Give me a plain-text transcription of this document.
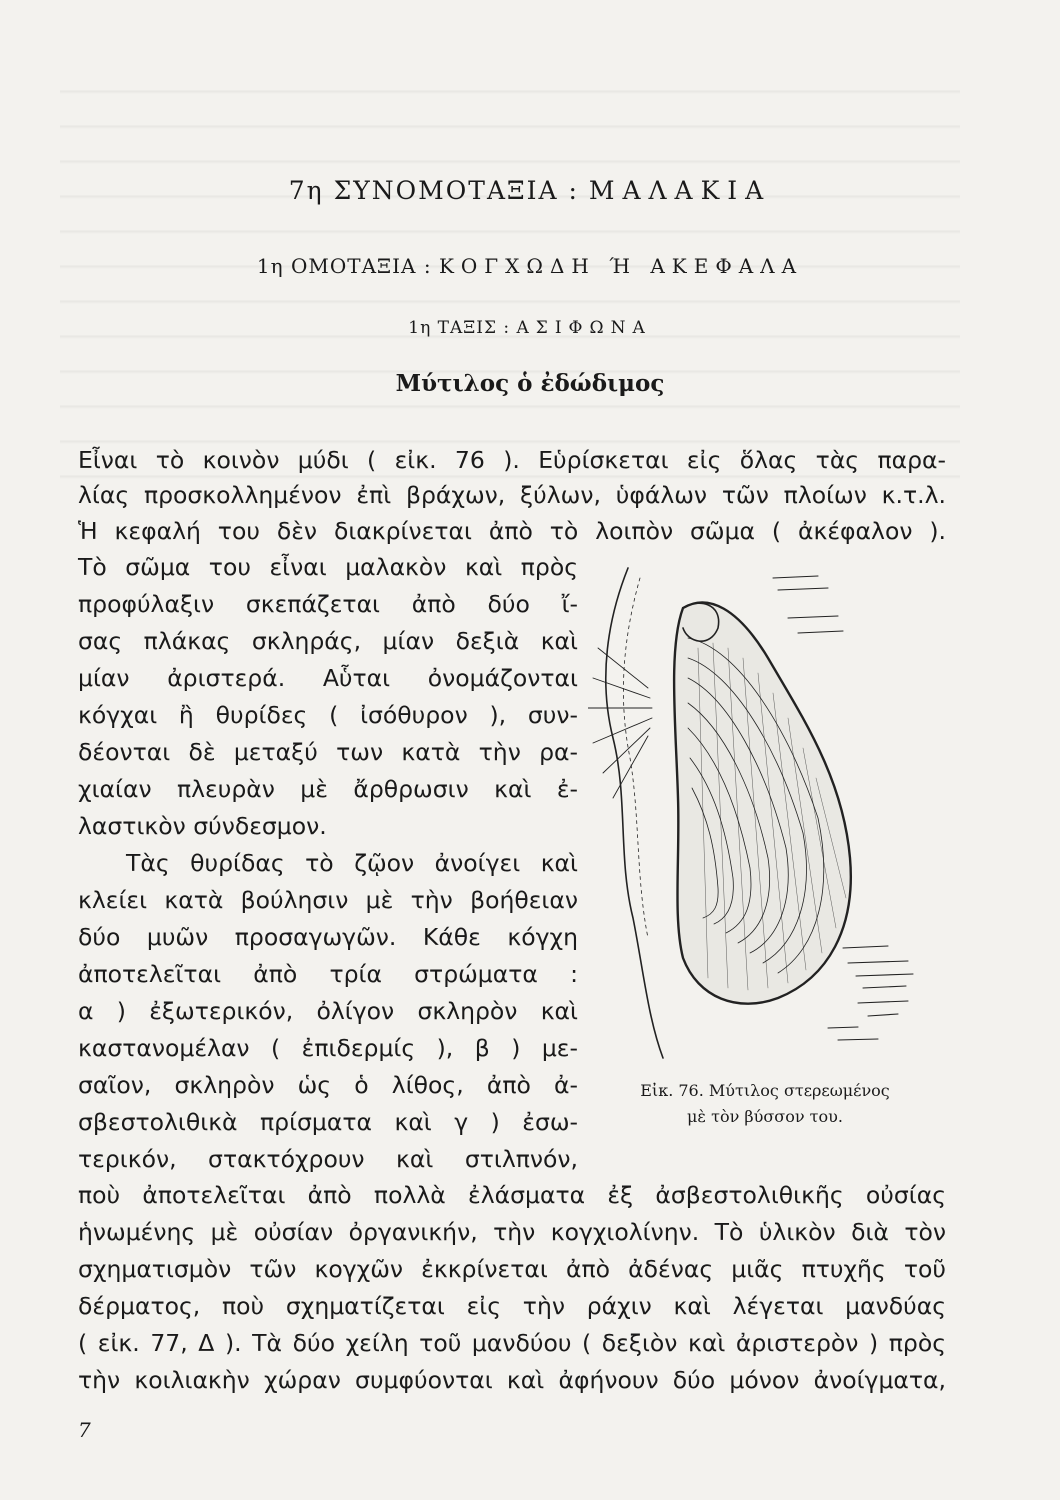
7η ΣΥΝΟΜΟΤΑΞΙΑ : ΜΑΛΑΚΙΑ
1η ΟΜΟΤΑΞΙΑ : ΚΟΓΧΩΔΗ Ή ΑΚΕΦΑΛΑ
1η ΤΑΞΙΣ : ΑΣΙΦΩΝΑ
Μύτιλος ὁ ἐδώδιμος
Εἶναι τὸ κοινὸν μύδι ( εἰκ. 76 ). Εὑρίσκεται εἰς ὅλας τὰς παρα-
λίας προσκολλημένον ἐπὶ βράχων, ξύλων, ὑφάλων τῶν πλοίων κ.τ.λ.
Ἡ κεφαλή του δὲν διακρίνεται ἀπὸ τὸ λοιπὸν σῶμα ( ἀκέφαλον ).
Τὸ σῶμα του εἶναι μαλακὸν καὶ πρὸς
προφύλαξιν σκεπάζεται ἀπὸ δύο ἴ-
σας πλάκας σκληράς, μίαν δεξιὰ καὶ
μίαν ἀριστερά. Αὗται ὀνομάζονται
κόγχαι ἢ θυρίδες ( ἰσόθυρον ), συν-
δέονται δὲ μεταξύ των κατὰ τὴν ρα-
χιαίαν πλευρὰν μὲ ἄρθρωσιν καὶ ἐ-
λαστικὸν σύνδεσμον.
Τὰς θυρίδας τὸ ζῷον ἀνοίγει καὶ
κλείει κατὰ βούλησιν μὲ τὴν βοήθειαν
δύο μυῶν προσαγωγῶν. Κάθε κόγχη
ἀποτελεῖται ἀπὸ τρία στρώματα :
α ) ἐξωτερικόν, ὀλίγον σκληρὸν καὶ
καστανομέλαν ( ἐπιδερμίς ), β ) με-
σαῖον, σκληρὸν ὡς ὁ λίθος, ἀπὸ ἀ-
σβεστολιθικὰ πρίσματα καὶ γ ) ἐσω-
τερικόν, στακτόχρουν καὶ στιλπνόν,
ποὺ ἀποτελεῖται ἀπὸ πολλὰ ἐλάσματα ἐξ ἀσβεστολιθικῆς οὐσίας
ἡνωμένης μὲ οὐσίαν ὀργανικήν, τὴν κογχιολίνην. Τὸ ὑλικὸν διὰ τὸν
σχηματισμὸν τῶν κογχῶν ἐκκρίνεται ἀπὸ ἀδένας μιᾶς πτυχῆς τοῦ
δέρματος, ποὺ σχηματίζεται εἰς τὴν ράχιν καὶ λέγεται μανδύας
( εἰκ. 77, Δ ). Τὰ δύο χείλη τοῦ μανδύου ( δεξιὸν καὶ ἀριστερὸν ) πρὸς
τὴν κοιλιακὴν χώραν συμφύονται καὶ ἀφήνουν δύο μόνον ἀνοίγματα,
Εἰκ. 76. Μύτιλος στερεωμένος
μὲ τὸν βύσσον του.
7
